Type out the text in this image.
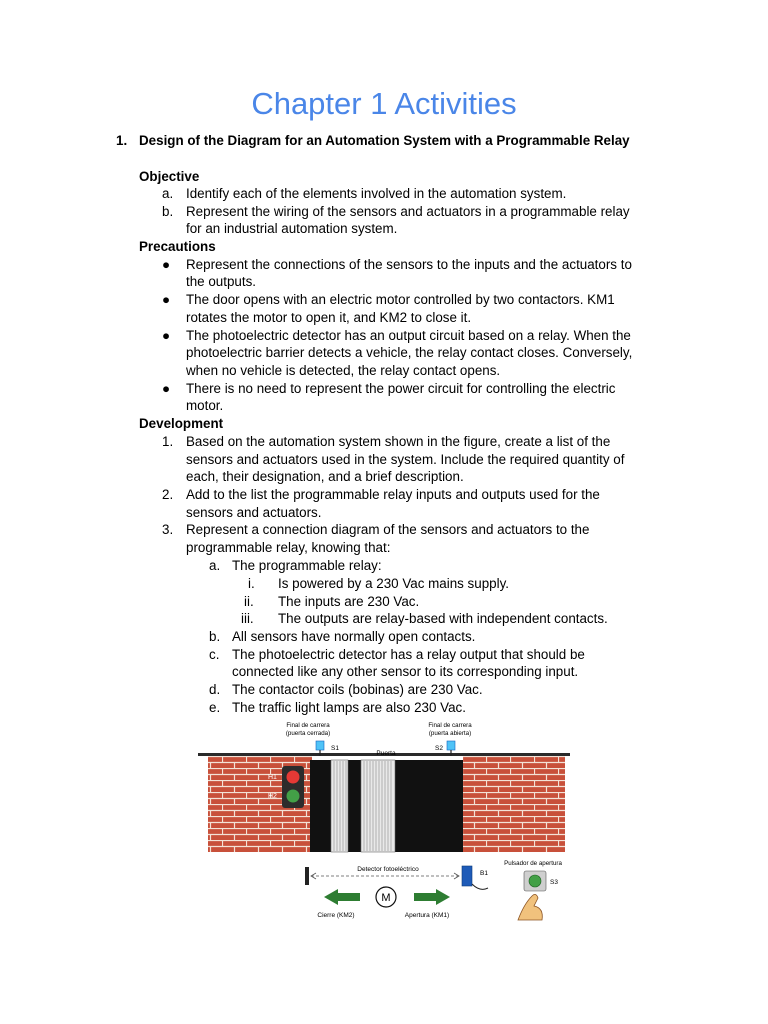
Chapter 1 Activities
1. Design of the Diagram for an Automation System with a Programmable Relay
Objective
a. Identify each of the elements involved in the automation system.
b. Represent the wiring of the sensors and actuators in a programmable relay
for an industrial automation system.
Precautions
● Represent the connections of the sensors to the inputs and the actuators to
the outputs.
● The door opens with an electric motor controlled by two contactors. KM1
rotates the motor to open it, and KM2 to close it.
● The photoelectric detector has an output circuit based on a relay. When the
photoelectric barrier detects a vehicle, the relay contact closes. Conversely,
when no vehicle is detected, the relay contact opens.
● There is no need to represent the power circuit for controlling the electric
motor.
Development
1. Based on the automation system shown in the figure, create a list of the
sensors and actuators used in the system. Include the required quantity of
each, their designation, and a brief description.
2. Add to the list the programmable relay inputs and outputs used for the
sensors and actuators.
3. Represent a connection diagram of the sensors and actuators to the
programmable relay, knowing that:
a. The programmable relay:
i. Is powered by a 230 Vac mains supply.
ii. The inputs are 230 Vac.
iii. The outputs are relay-based with independent contacts.
b. All sensors have normally open contacts.
c. The photoelectric detector has a relay output that should be
connected like any other sensor to its corresponding input.
d. The contactor coils (bobinas) are 230 Vac.
e. The traffic light lamps are also 230 Vac.
H1
H2
Final de carrera
(puerta cerrada)
S1
Final de carrera
(puerta abierta)
S2
Puerta
Detector fotoeléctrico
B1
M
Cierre (KM2)	Apertura (KM1)
Pulsador de apertura
S3
